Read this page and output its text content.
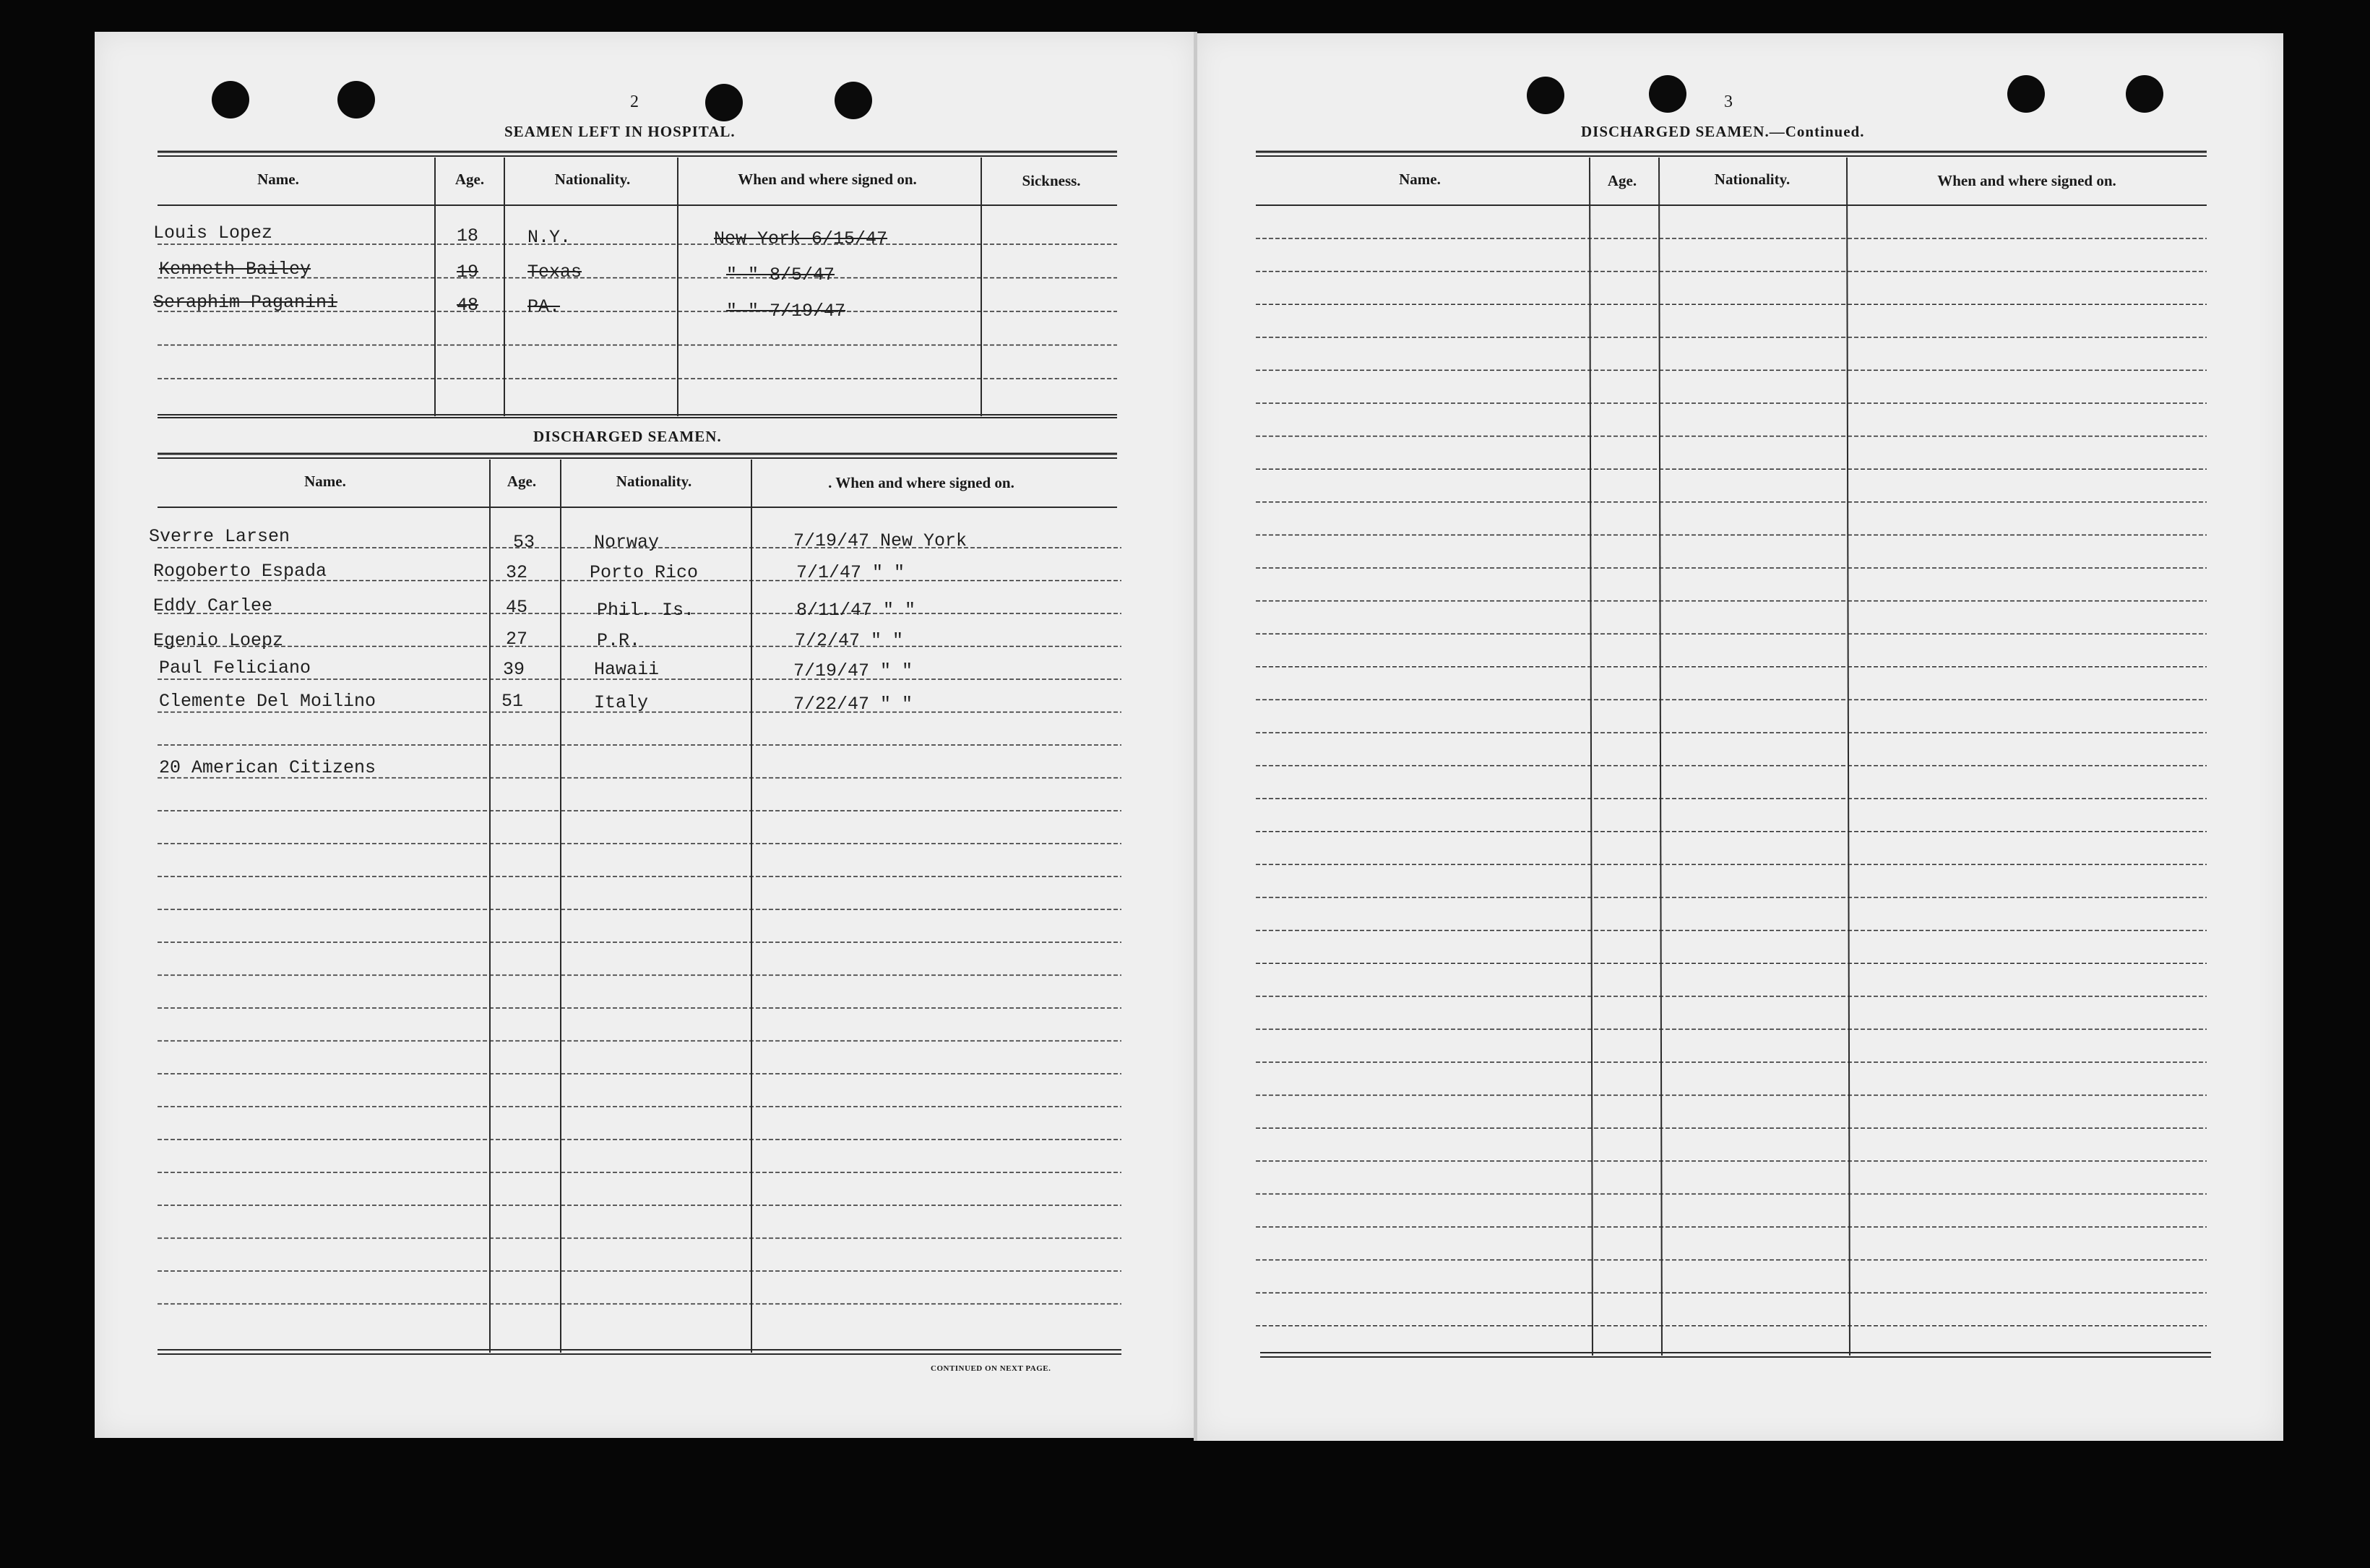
2
SEAMEN LEFT IN HOSPITAL.
Name.	Age.	Nationality.	When and where signed on.	Sickness.
Louis Lopez	18	N.Y.	New York 6/15/47
Kenneth Bailey	19	Texas	" " 8/5/47
Seraphim Paganini	48	PA.	" " 7/19/47
DISCHARGED SEAMEN.
Name.	Age.	Nationality.	. When and where signed on.
Sverre Larsen	53	Norway	7/19/47 New York
Rogoberto Espada	32	Porto Rico	7/1/47 " "
Eddy Carlee	45	Phil. Is.	8/11/47 " "
Egenio Loepz	27	P.R.	7/2/47 " "
Paul Feliciano	39	Hawaii	7/19/47 " "
Clemente Del Moilino	51	Italy	7/22/47 " "
20 American Citizens
CONTINUED ON NEXT PAGE.
3
DISCHARGED SEAMEN.—Continued.
Name.	Age.	Nationality.	When and where signed on.
